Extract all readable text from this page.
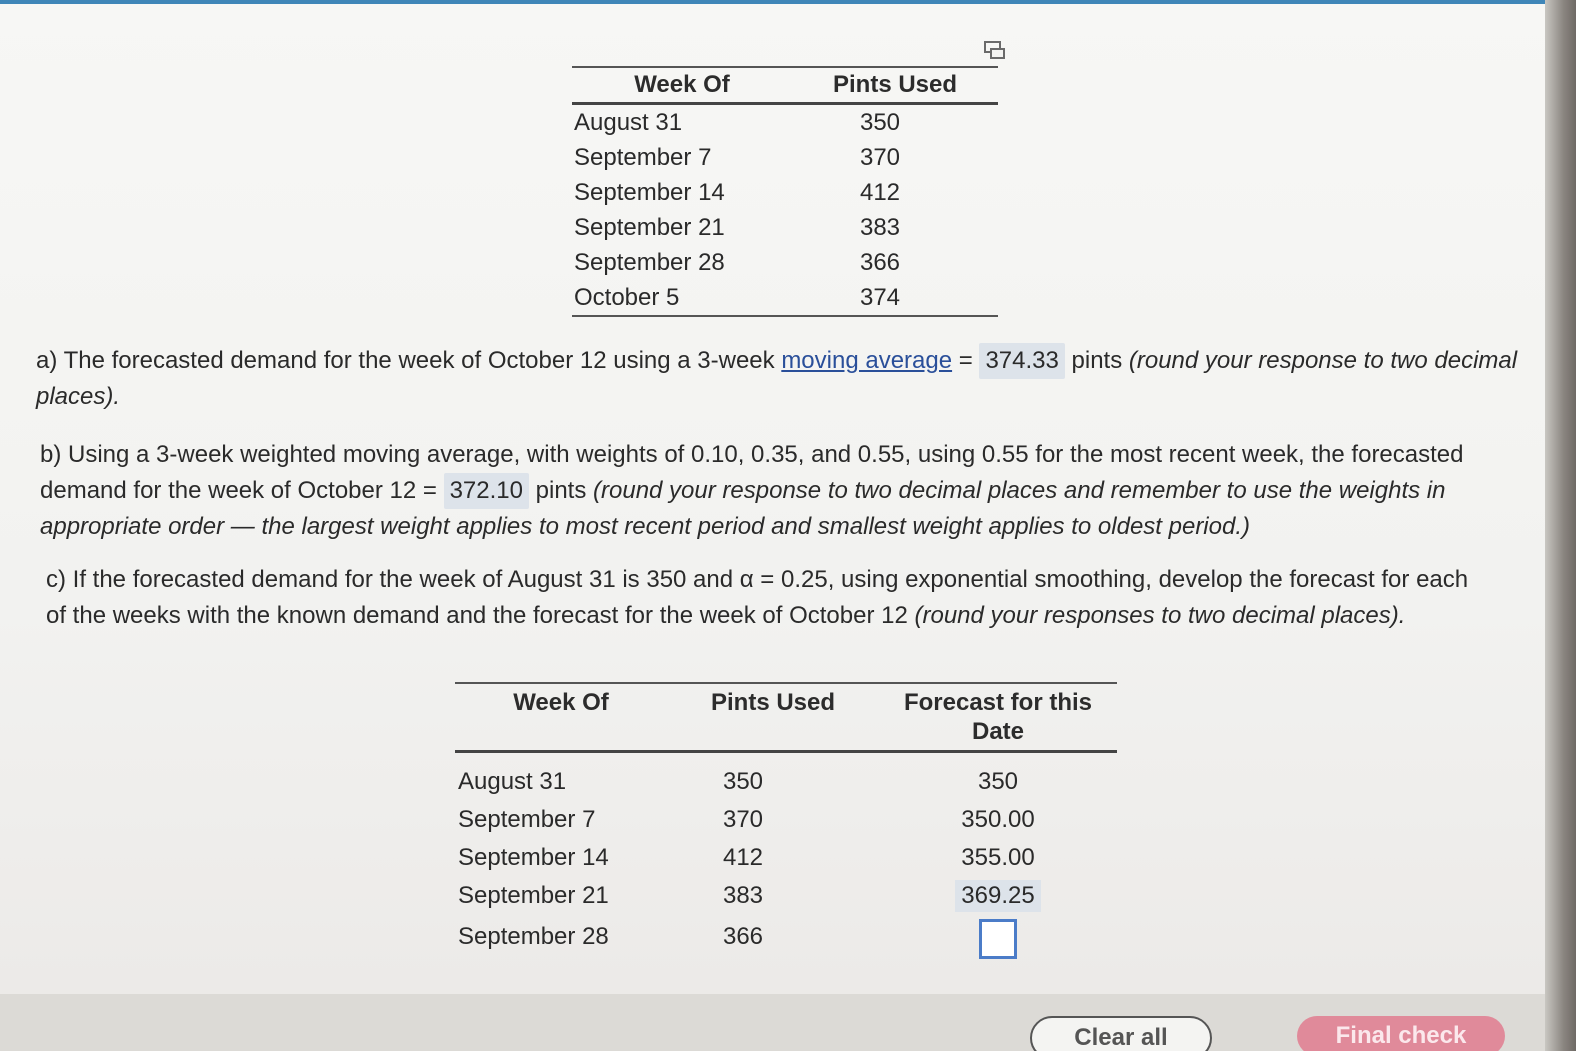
Week Of	Pints Used
August 31	350
September 7	370
September 14	412
September 21	383
September 28	366
October 5	374
a) The forecasted demand for the week of October 12 using a 3-week moving average = 374.33 pints (round your response to two decimal places).
b) Using a 3-week weighted moving average, with weights of 0.10, 0.35, and 0.55, using 0.55 for the most recent week, the forecasted demand for the week of October 12 = 372.10 pints (round your response to two decimal places and remember to use the weights in appropriate order — the largest weight applies to most recent period and smallest weight applies to oldest period.)
c) If the forecasted demand for the week of August 31 is 350 and α = 0.25, using exponential smoothing, develop the forecast for each of the weeks with the known demand and the forecast for the week of October 12 (round your responses to two decimal places).
Week Of	Pints Used	Forecast for this Date
August 31	350	350
September 7	370	350.00
September 14	412	355.00
September 21	383	369.25
September 28	366	
Clear all	Final check
